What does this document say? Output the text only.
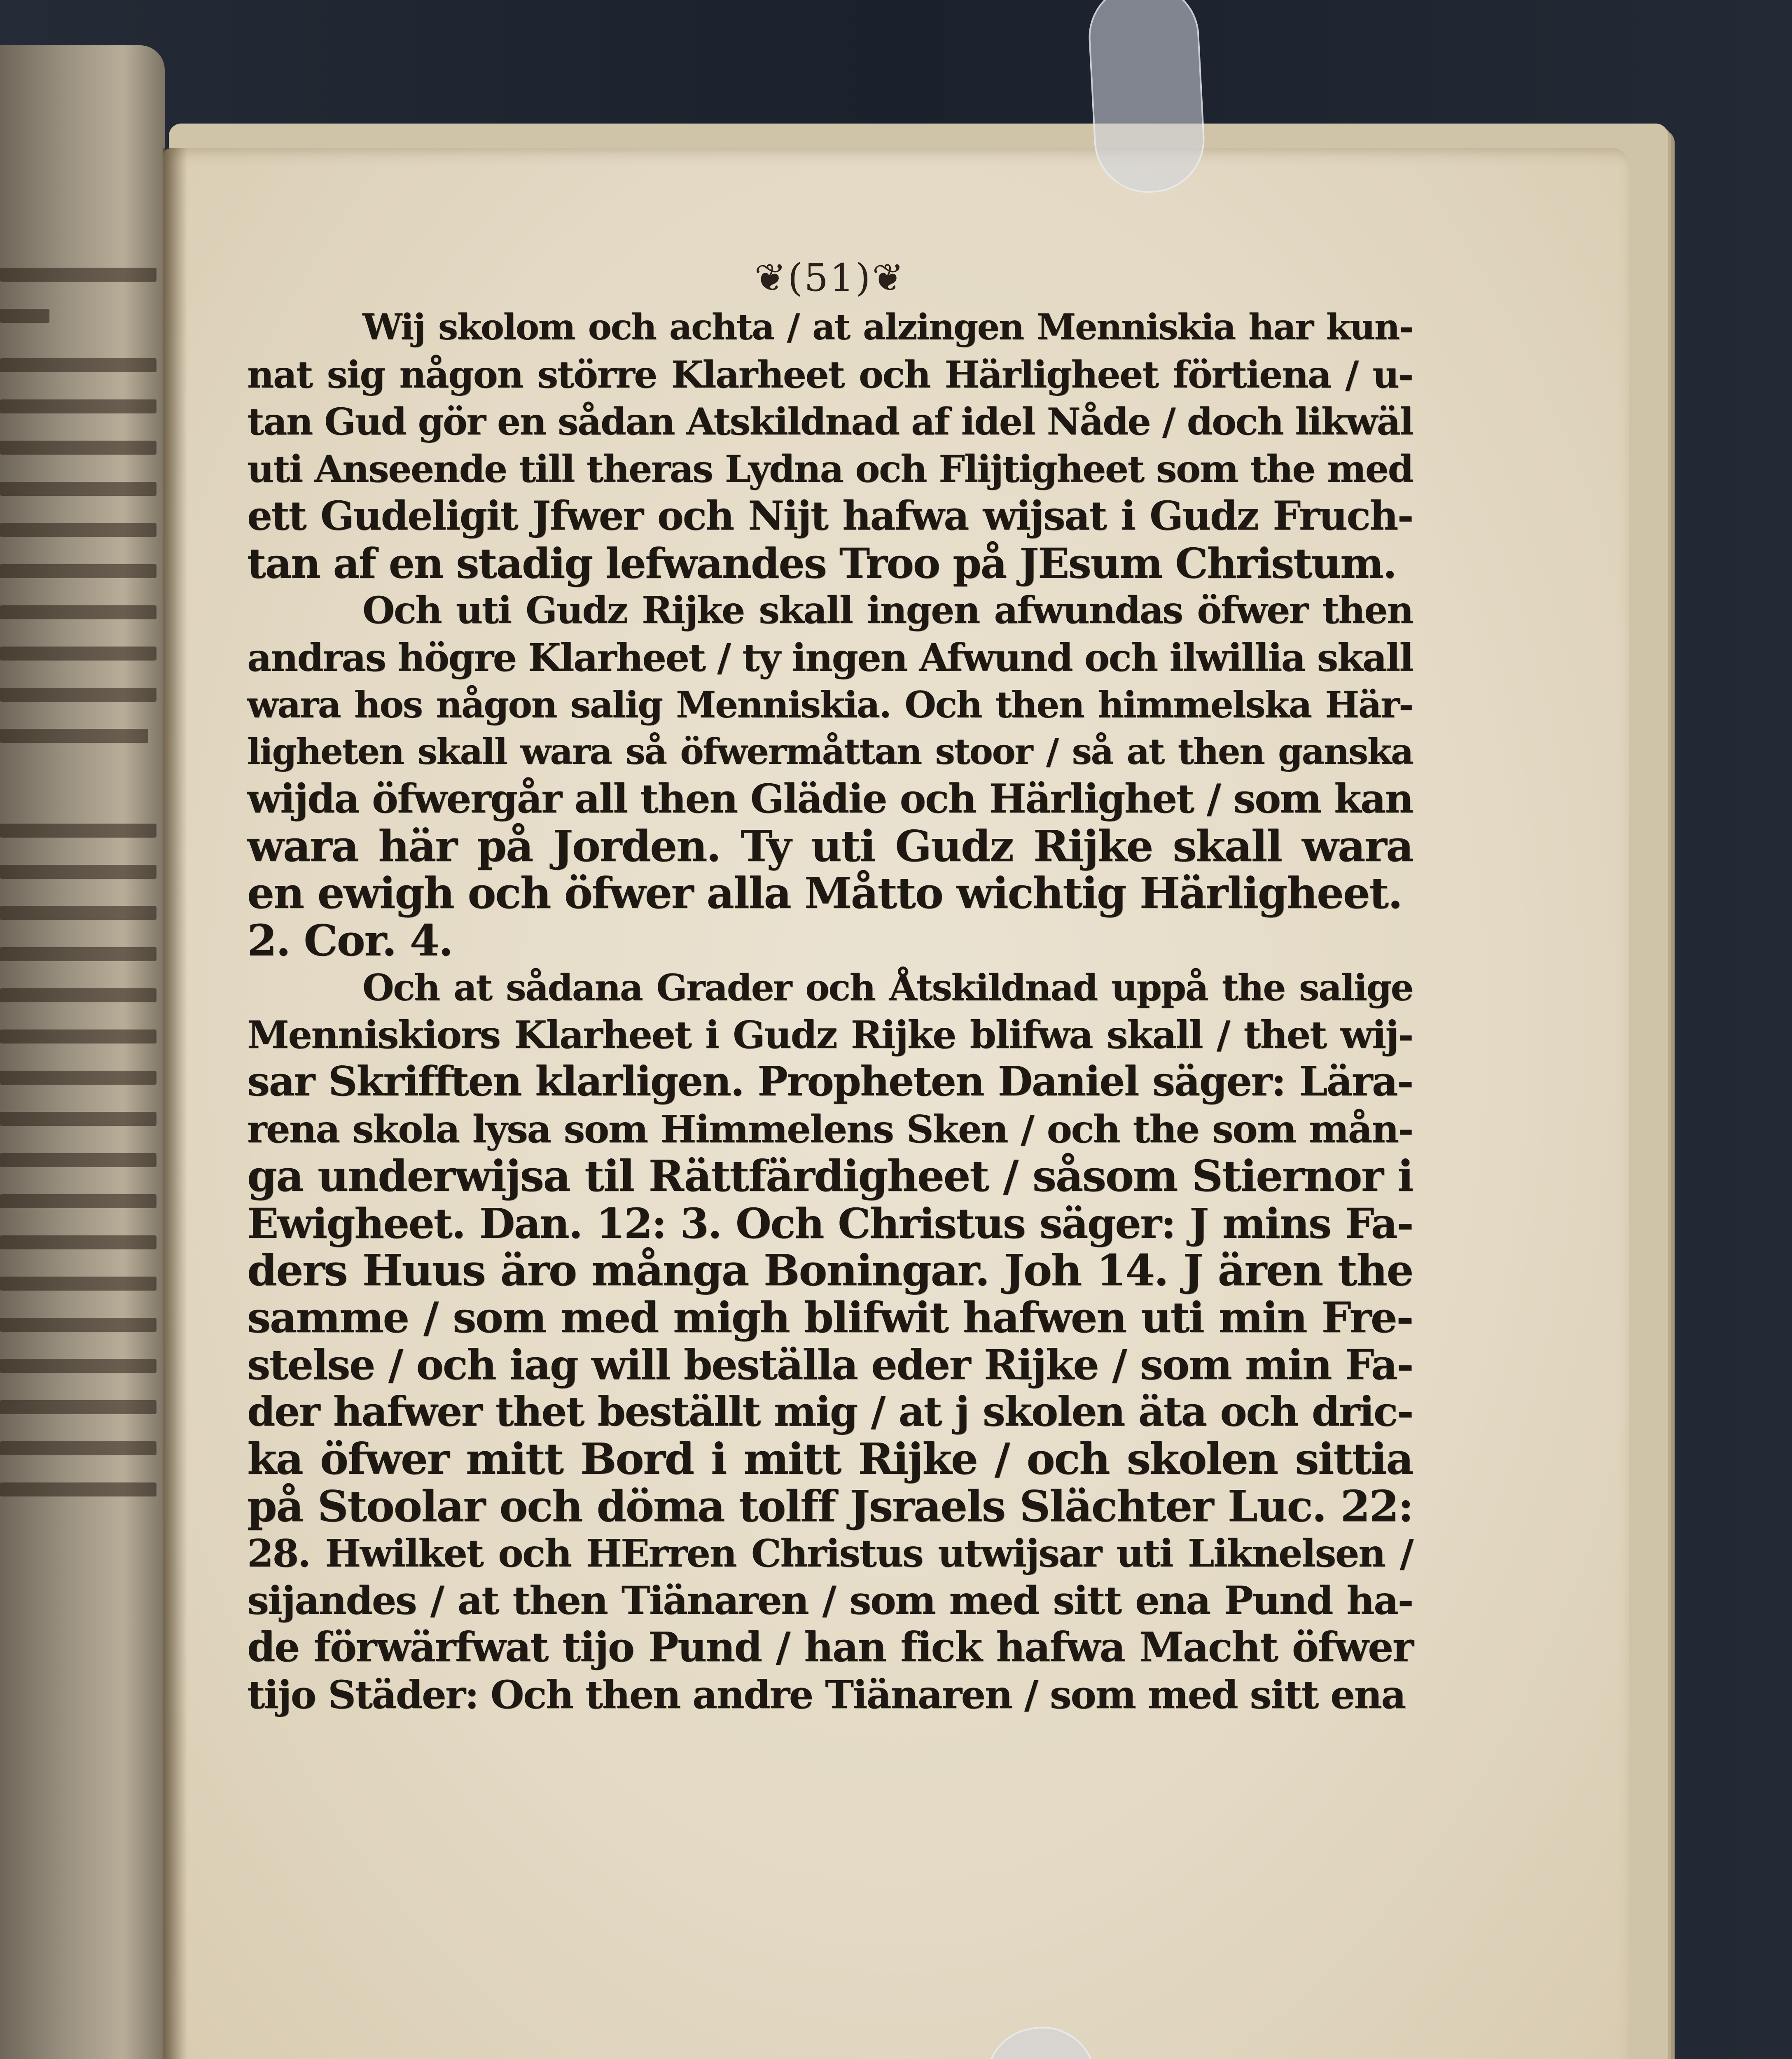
❦(51)❦
Wij skolom och achta / at alzingen Menniskia har kun-
nat sig någon större Klarheet och Härligheet förtiena / u-
tan Gud gör en sådan Atskildnad af idel Nåde / doch likwäl
uti Anseende till theras Lydna och Flijtigheet som the med
ett Gudeligit Jfwer och Nijt hafwa wijsat i Gudz Fruch-
tan af en stadig lefwandes Troo på JEsum Christum.
Och uti Gudz Rijke skall ingen afwundas öfwer then
andras högre Klarheet / ty ingen Afwund och ilwillia skall
wara hos någon salig Menniskia. Och then himmelska Här-
ligheten skall wara så öfwermåttan stoor / så at then ganska
wijda öfwergår all then Glädie och Härlighet / som kan
wara här på Jorden. Ty uti Gudz Rijke skall wara
en ewigh och öfwer alla Måtto wichtig Härligheet.
2. Cor. 4.
Och at sådana Grader och Åtskildnad uppå the salige
Menniskiors Klarheet i Gudz Rijke blifwa skall / thet wij-
sar Skrifften klarligen. Propheten Daniel säger: Lära-
rena skola lysa som Himmelens Sken / och the som mån-
ga underwijsa til Rättfärdigheet / såsom Stiernor i
Ewigheet. Dan. 12: 3. Och Christus säger: J mins Fa-
ders Huus äro många Boningar. Joh 14. J ären the
samme / som med migh blifwit hafwen uti min Fre-
stelse / och iag will beställa eder Rijke / som min Fa-
der hafwer thet beställt mig / at j skolen äta och dric-
ka öfwer mitt Bord i mitt Rijke / och skolen sittia
på Stoolar och döma tolff Jsraels Slächter Luc. 22:
28. Hwilket och HErren Christus utwijsar uti Liknelsen /
sijandes / at then Tiänaren / som med sitt ena Pund ha-
de förwärfwat tijo Pund / han fick hafwa Macht öfwer
tijo Städer: Och then andre Tiänaren / som med sitt ena
